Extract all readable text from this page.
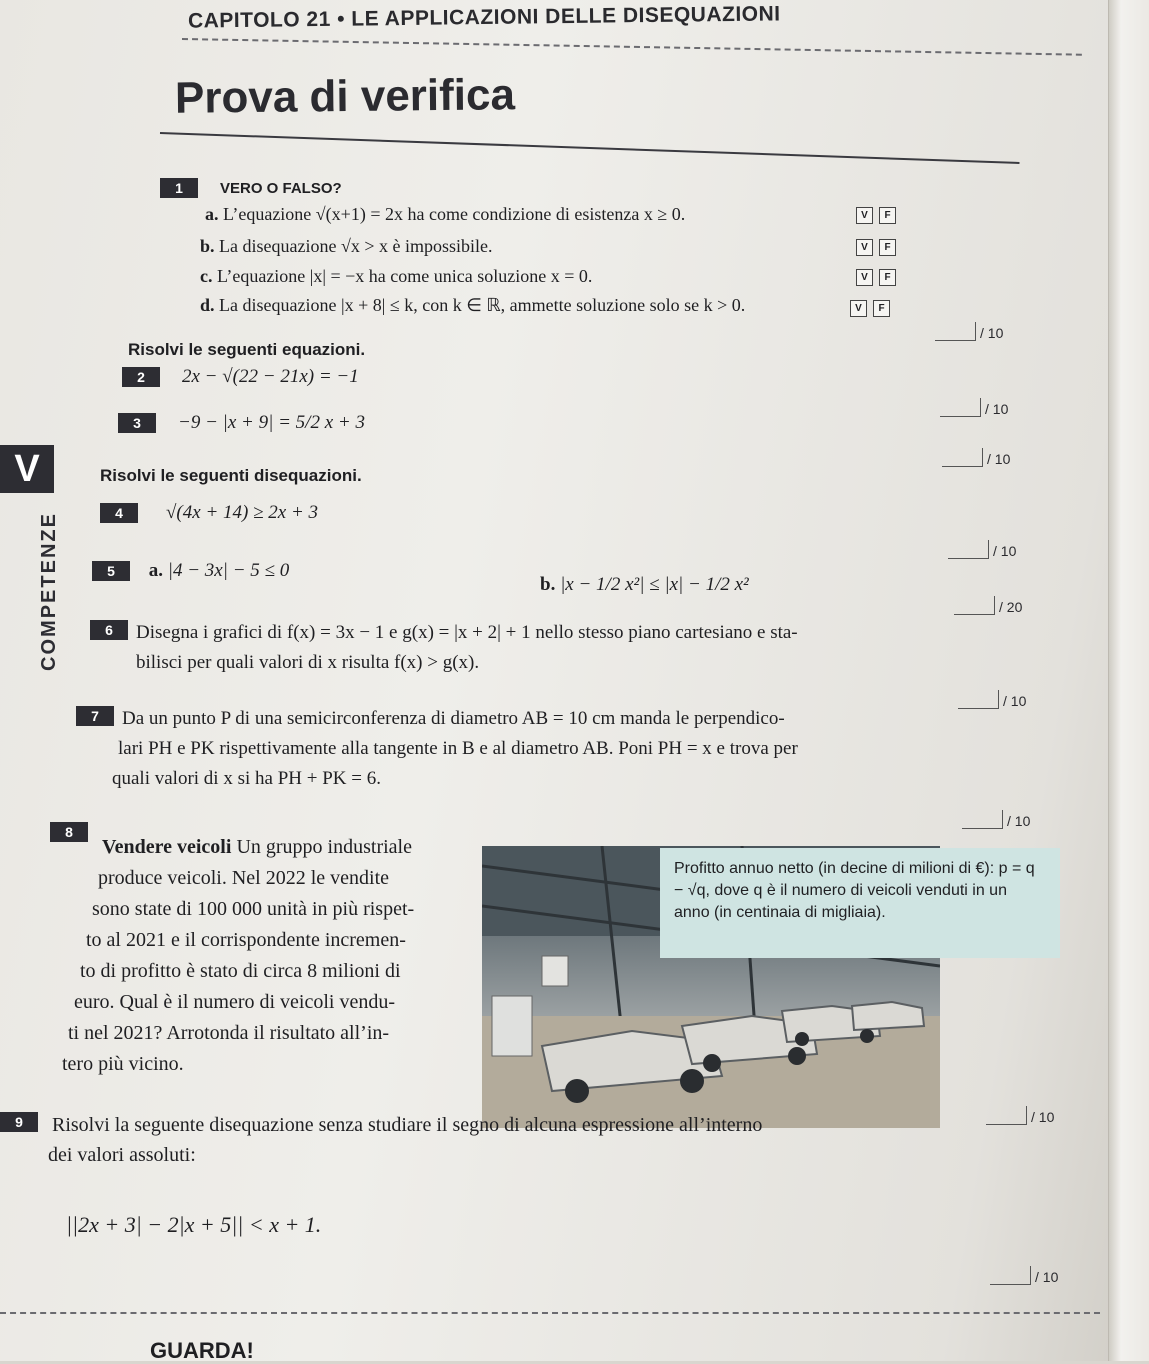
CAPITOLO 21 • LE APPLICAZIONI DELLE DISEQUAZIONI
Prova di verifica
1 VERO O FALSO?
a. L’equazione √(x+1) = 2x ha come condizione di esistenza x ≥ 0.	V F
b. La disequazione √x > x è impossibile.	V F
c. L’equazione |x| = −x ha come unica soluzione x = 0.	V F
d. La disequazione |x + 8| ≤ k, con k ∈ ℝ, ammette soluzione solo se k > 0.	V F
/ 10
Risolvi le seguenti equazioni.
2 2x − √(22 − 21x) = −1
/ 10
3 −9 − |x + 9| = 5/2 x + 3
/ 10
V
COMPETENZE
Risolvi le seguenti disequazioni.
4 √(4x + 14) ≥ 2x + 3
/ 10
5 a. |4 − 3x| − 5 ≤ 0
b. |x − 1/2 x²| ≤ |x| − 1/2 x²
/ 20
6	Disegna i grafici di f(x) = 3x − 1 e g(x) = |x + 2| + 1 nello stesso piano cartesiano e sta-
bilisci per quali valori di x risulta f(x) > g(x).
/ 10
7	Da un punto P di una semicirconferenza di diametro AB = 10 cm manda le perpendico-
lari PH e PK rispettivamente alla tangente in B e al diametro AB. Poni PH = x e trova per
quali valori di x si ha PH + PK = 6.
/ 10
8
Vendere veicoli Un gruppo industriale
produce veicoli. Nel 2022 le vendite
sono state di 100 000 unità in più rispet-
to al 2021 e il corrispondente incremen-
to di profitto è stato di circa 8 milioni di
euro. Qual è il numero di veicoli vendu-
ti nel 2021? Arrotonda il risultato all’in-
tero più vicino.
Profitto annuo netto (in decine di milioni di €): p = q − √q, dove q è il numero di veicoli venduti in un anno (in centinaia di migliaia).
/ 10
9	Risolvi la seguente disequazione senza studiare il segno di alcuna espressione all’interno
dei valori assoluti:
||2x + 3| − 2|x + 5|| < x + 1.
/ 10
GUARDA!
